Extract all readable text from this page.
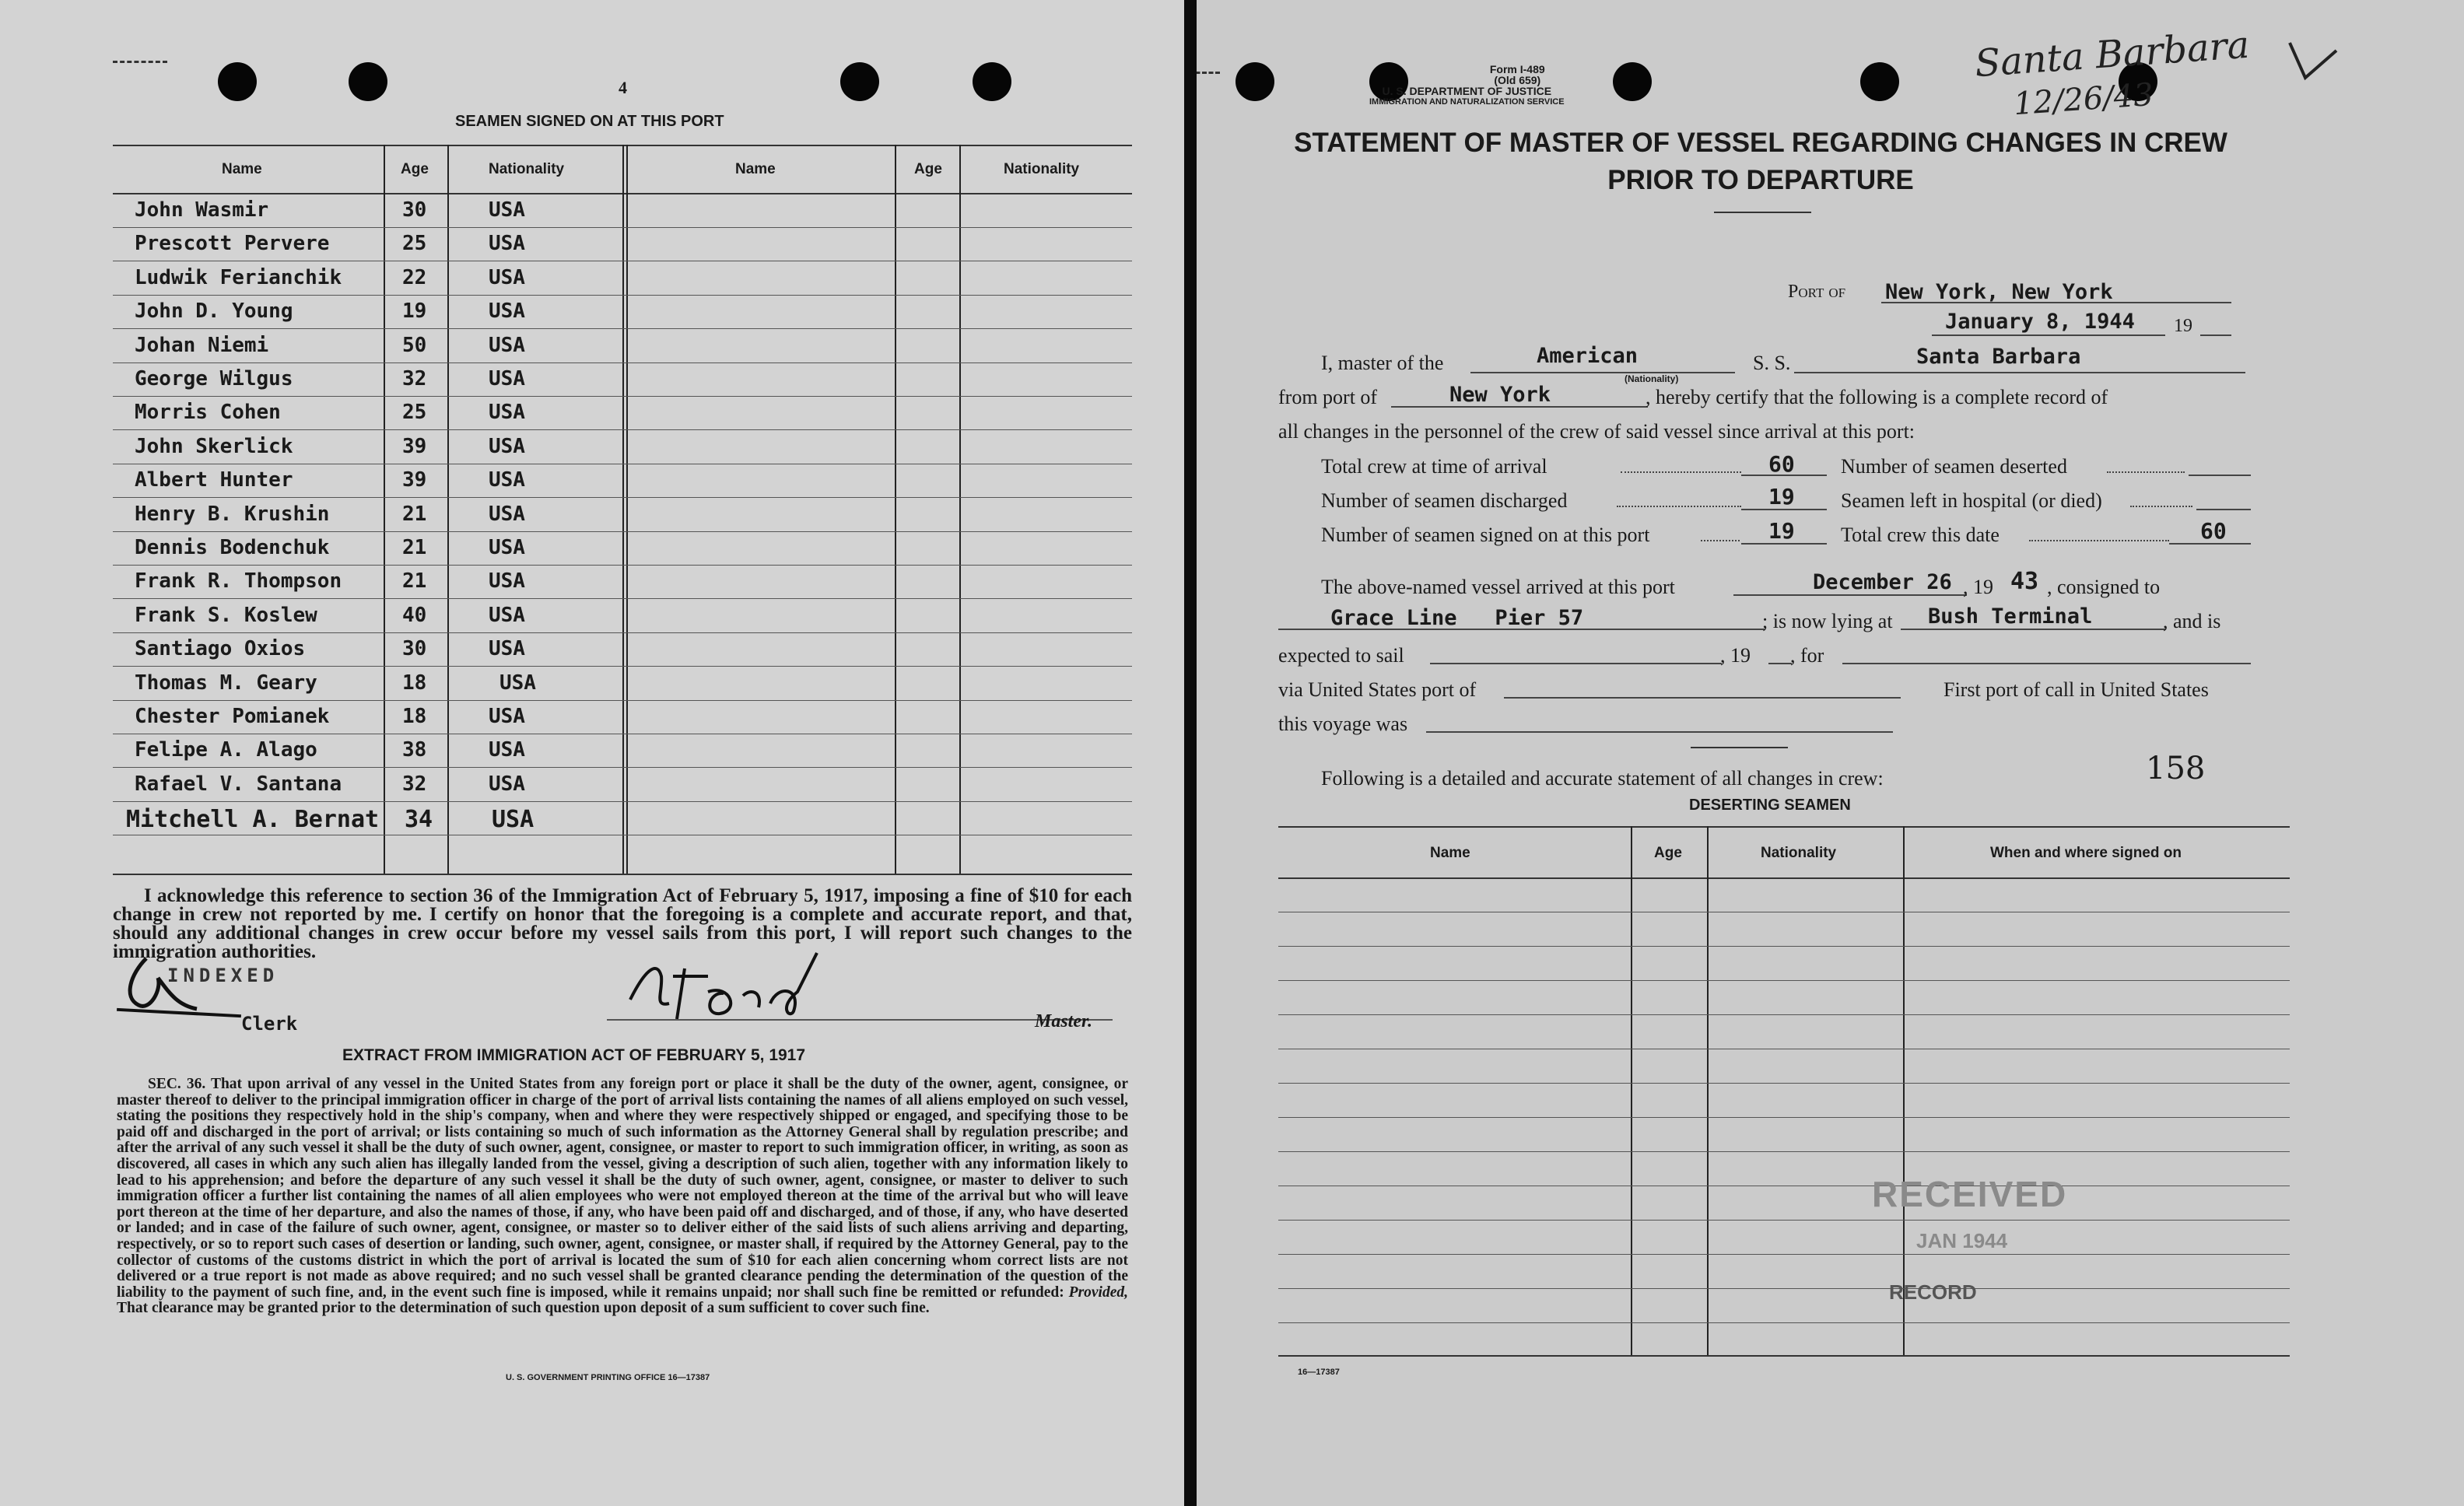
4
SEAMEN SIGNED ON AT THIS PORT
Name	Age	Nationality	Name	Age	Nationality
John Wasmir	30	USA
Prescott Pervere	25	USA
Ludwik Ferianchik	22	USA
John D. Young	19	USA
Johan Niemi	50	USA
George Wilgus	32	USA
Morris Cohen	25	USA
John Skerlick	39	USA
Albert Hunter	39	USA
Henry B. Krushin	21	USA
Dennis Bodenchuk	21	USA
Frank R. Thompson	21	USA
Frank S. Koslew	40	USA
Santiago Oxios	30	USA
Thomas M. Geary	18	USA
Chester Pomianek	18	USA
Felipe A. Alago	38	USA
Rafael V. Santana	32	USA
Mitchell A. Bernat 34	USA
I acknowledge this reference to section 36 of the Immigration Act of February 5, 1917, imposing a fine of $10 for each change in crew not reported by me. I certify on honor that the foregoing is a complete and accurate report, and that, should any additional changes in crew occur before my vessel sails from this port, I will report such changes to the immigration authorities.
INDEXED
Clerk	Master.
EXTRACT FROM IMMIGRATION ACT OF FEBRUARY 5, 1917
SEC. 36. That upon arrival of any vessel in the United States from any foreign port or place it shall be the duty of the owner, agent, consignee, or master thereof to deliver to the principal immigration officer in charge of the port of arrival lists containing the names of all aliens employed on such vessel, stating the positions they respectively hold in the ship's company, when and where they were respectively shipped or engaged, and specifying those to be paid off and discharged in the port of arrival; or lists containing so much of such information as the Attorney General shall by regulation prescribe; and after the arrival of any such vessel it shall be the duty of such owner, agent, consignee, or master to report to such immigration officer, in writing, as soon as discovered, all cases in which any such alien has illegally landed from the vessel, giving a description of such alien, together with any information likely to lead to his apprehension; and before the departure of any such vessel it shall be the duty of such owner, agent, consignee, or master to deliver to such immigration officer a further list containing the names of all alien employees who were not employed thereon at the time of the arrival but who will leave port thereon at the time of her departure, and also the names of those, if any, who have been paid off and discharged, and of those, if any, who have deserted or landed; and in case of the failure of such owner, agent, consignee, or master so to deliver either of the said lists of such aliens arriving and departing, respectively, or so to report such cases of desertion or landing, such owner, agent, consignee, or master shall, if required by the Attorney General, pay to the collector of customs of the customs district in which the port of arrival is located the sum of $10 for each alien concerning whom correct lists are not delivered or a true report is not made as above required; and no such vessel shall be granted clearance pending the determination of the question of the liability to the payment of such fine, and, in the event such fine is imposed, while it remains unpaid; nor shall such fine be remitted or refunded: Provided, That clearance may be granted prior to the determination of such question upon deposit of a sum sufficient to cover such fine.
U. S. GOVERNMENT PRINTING OFFICE 16—17387
Form I-489
(Old 659)
U. S. DEPARTMENT OF JUSTICE
IMMIGRATION AND NATURALIZATION SERVICE
Santa Barbara
12/26/43
STATEMENT OF MASTER OF VESSEL REGARDING CHANGES IN CREW
PRIOR TO DEPARTURE
Port of New York, New York
January 8, 1944 19
I, master of the	American
(Nationality)
S. S.	Santa Barbara
from port of	New York	, hereby certify that the following is a complete record of
all changes in the personnel of the crew of said vessel since arrival at this port:
Total crew at time of arrival	60 Number of seamen deserted
Number of seamen discharged	19 Seamen left in hospital (or died)
Number of seamen signed on at this port	19 Total crew this date	60
The above-named vessel arrived at this port	December 26 , 19 43 , consigned to
Grace Line   Pier 57	; is now lying at Bush Terminal	, and is
expected to sail	, 19 , for
via United States port of	First port of call in United States
this voyage was
Following is a detailed and accurate statement of all changes in crew:	158
DESERTING SEAMEN
Name	Age	Nationality	When and where signed on
RECEIVED
JAN 1944
RECORD
16—17387
